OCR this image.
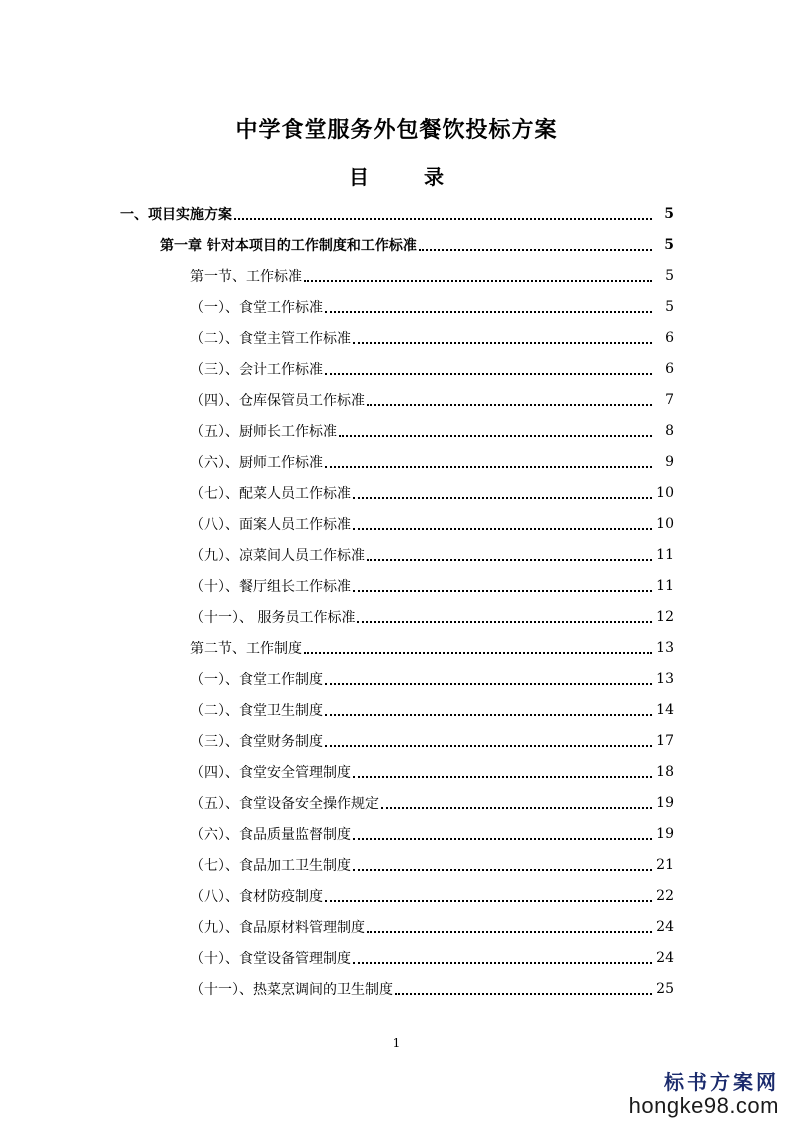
中学食堂服务外包餐饮投标方案
目 录
一、项目实施方案	5
第一章 针对本项目的工作制度和工作标准	5
第一节、工作标准	5
（一）、食堂工作标准	5
（二）、食堂主管工作标准	6
（三）、会计工作标准	6
（四）、仓库保管员工作标准	7
（五）、厨师长工作标准	8
（六）、厨师工作标准	9
（七）、配菜人员工作标准	10
（八）、面案人员工作标准	10
（九）、凉菜间人员工作标准	11
（十）、餐厅组长工作标准	11
（十一）、 服务员工作标准	12
第二节、工作制度	13
（一）、食堂工作制度	13
（二）、食堂卫生制度	14
（三）、食堂财务制度	17
（四）、食堂安全管理制度	18
（五）、食堂设备安全操作规定	19
（六）、食品质量监督制度	19
（七）、食品加工卫生制度	21
（八）、食材防疫制度	22
（九）、食品原材料管理制度	24
（十）、食堂设备管理制度	24
（十一）、热菜烹调间的卫生制度	25
1
标书方案网
hongke98.com
